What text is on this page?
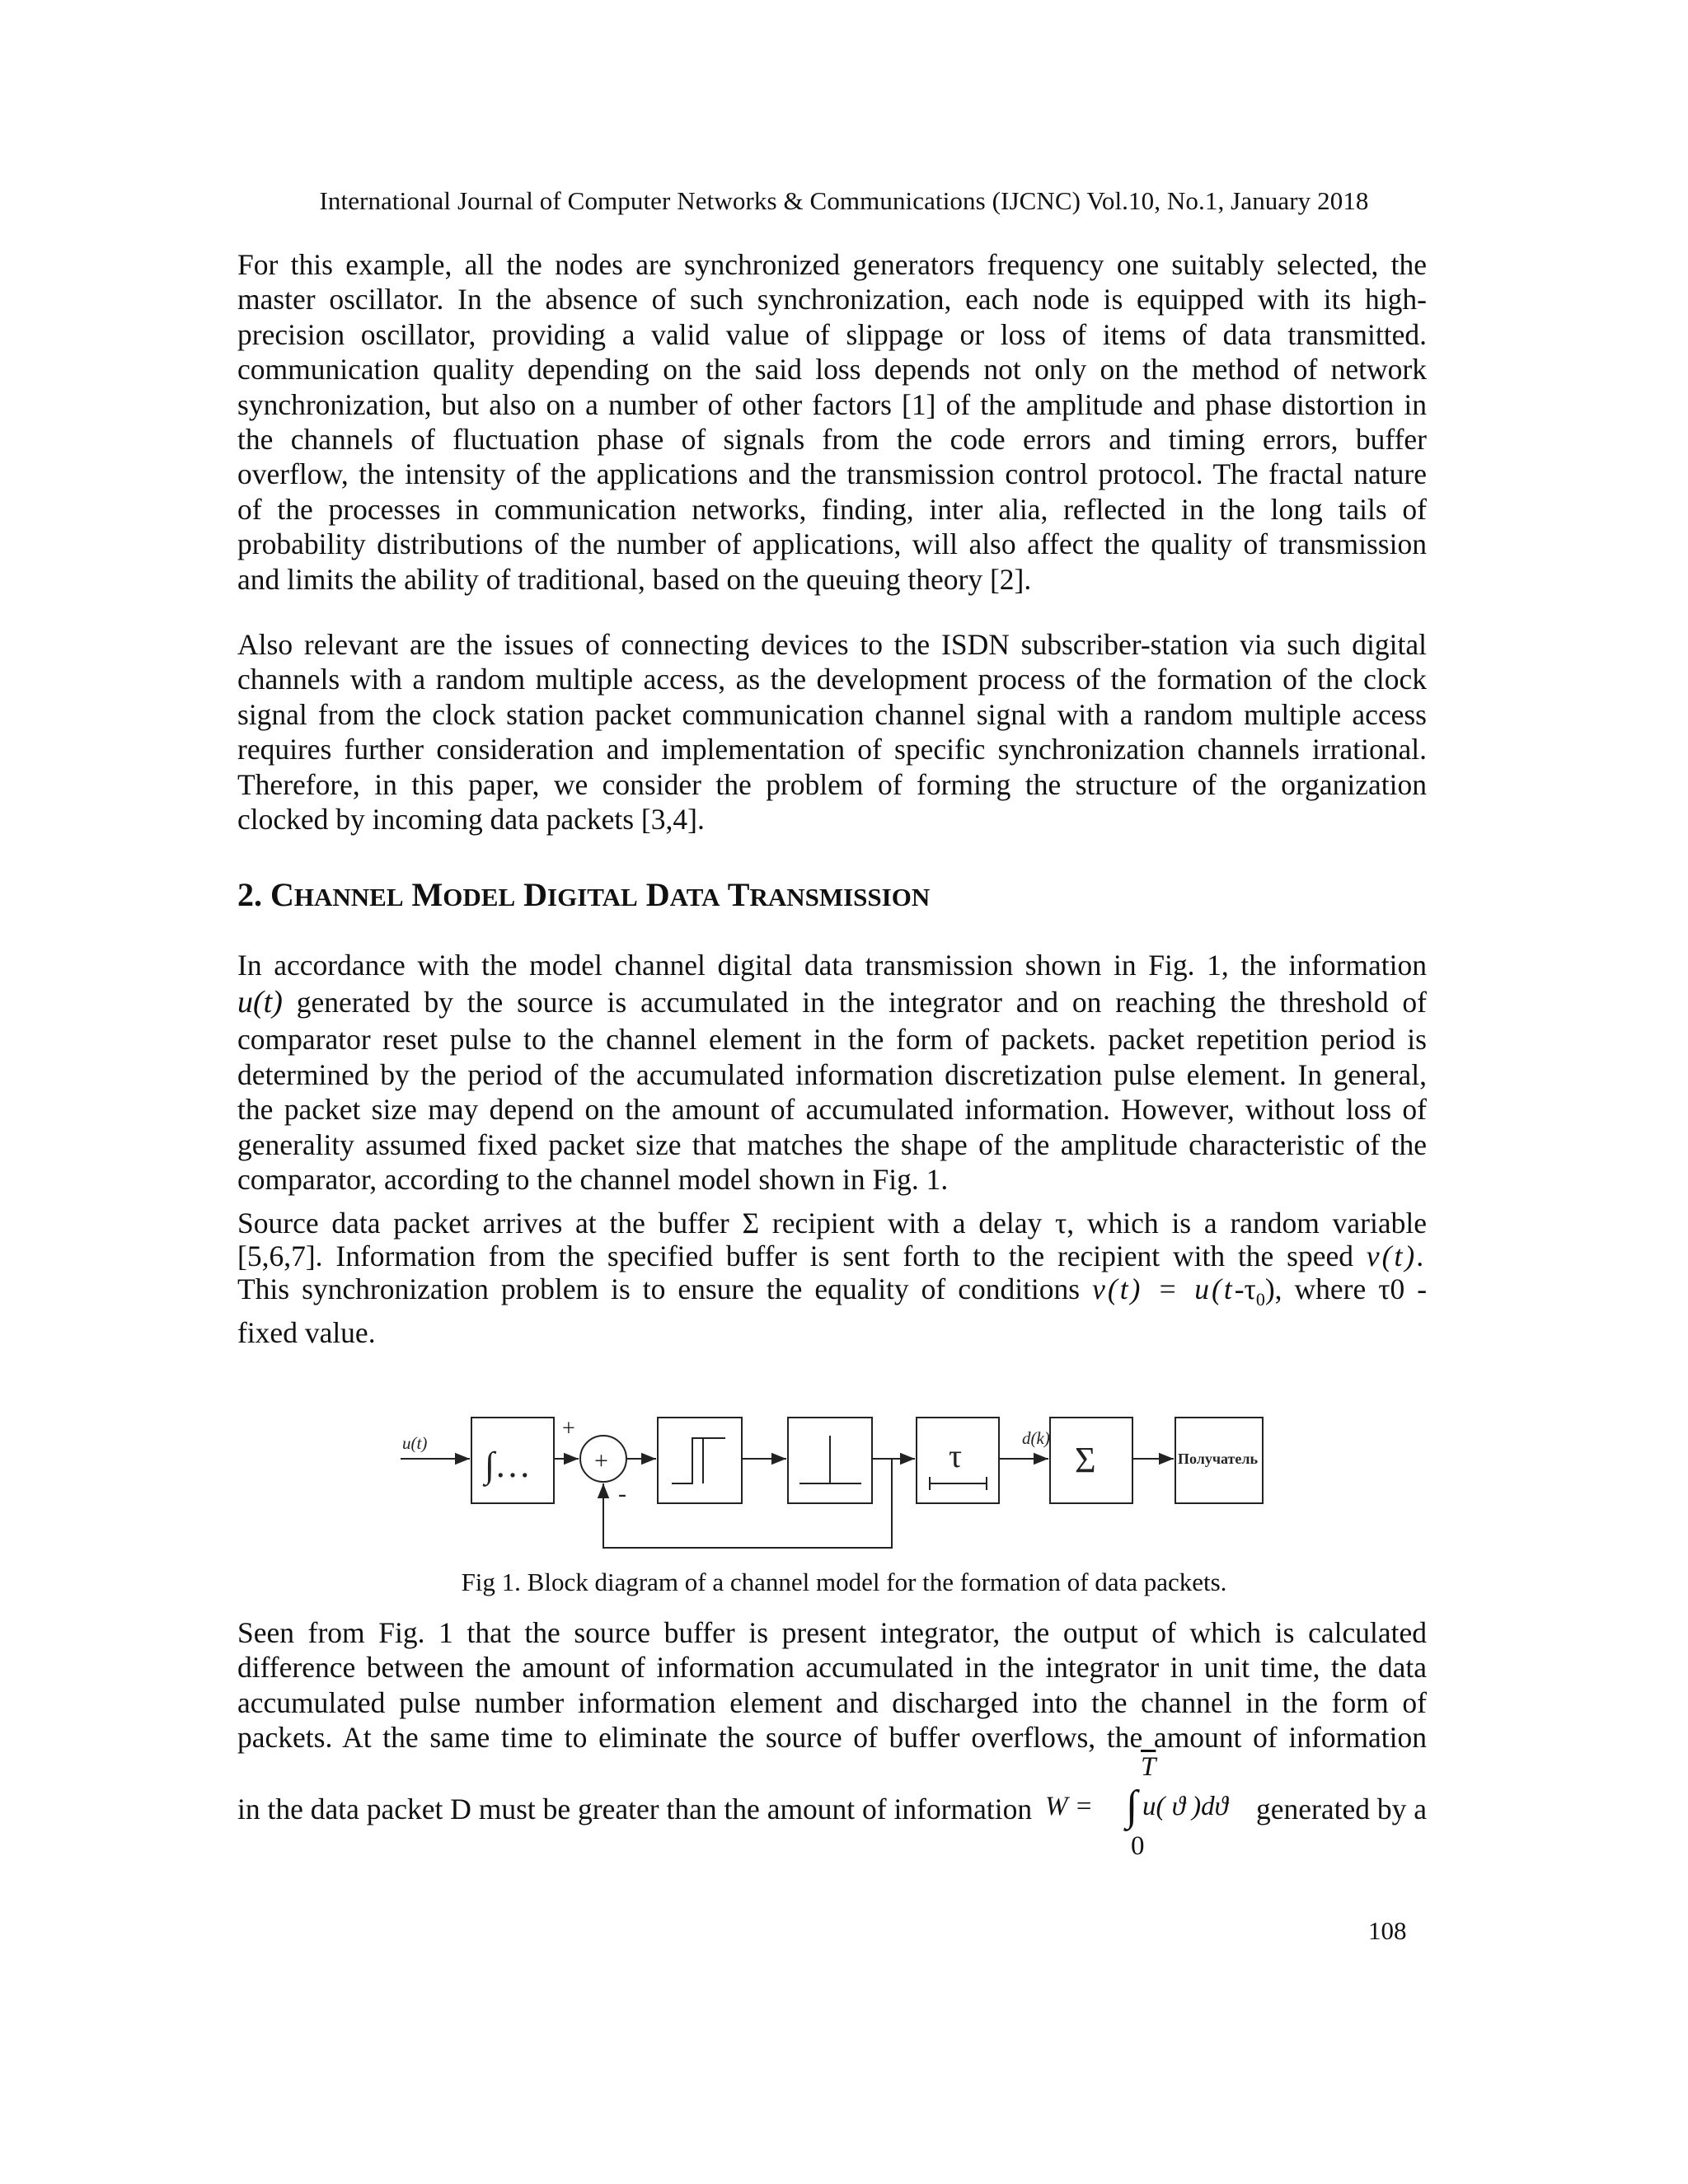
International Journal of Computer Networks & Communications (IJCNC) Vol.10, No.1, January 2018
For this example, all the nodes are synchronized generators frequency one suitably selected, the
master oscillator. In the absence of such synchronization, each node is equipped with its high-
precision oscillator, providing a valid value of slippage or loss of items of data transmitted.
communication quality depending on the said loss depends not only on the method of network
synchronization, but also on a number of other factors [1] of the amplitude and phase distortion in
the channels of fluctuation phase of signals from the code errors and timing errors, buffer
overflow, the intensity of the applications and the transmission control protocol. The fractal nature
of the processes in communication networks, finding, inter alia, reflected in the long tails of
probability distributions of the number of applications, will also affect the quality of transmission
and limits the ability of traditional, based on the queuing theory [2].
Also relevant are the issues of connecting devices to the ISDN subscriber-station via such digital
channels with a random multiple access, as the development process of the formation of the clock
signal from the clock station packet communication channel signal with a random multiple access
requires further consideration and implementation of specific synchronization channels irrational.
Therefore, in this paper, we consider the problem of forming the structure of the organization
clocked by incoming data packets [3,4].
2. CHANNEL MODEL DIGITAL DATA TRANSMISSION
In accordance with the model channel digital data transmission shown in Fig. 1, the information
u(t) generated by the source is accumulated in the integrator and on reaching the threshold of
comparator reset pulse to the channel element in the form of packets. packet repetition period is
determined by the period of the accumulated information discretization pulse element. In general,
the packet size may depend on the amount of accumulated information. However, without loss of
generality assumed fixed packet size that matches the shape of the amplitude characteristic of the
comparator, according to the channel model shown in Fig. 1.
Source data packet arrives at the buffer Σ recipient with a delay τ, which is a random variable
[5,6,7]. Information from the specified buffer is sent forth to the recipient with the speed v(t).
This synchronization problem is to ensure the equality of conditions $v(t) = u(t-\tau_0)$, where τ0 -
fixed value.
u(t)
∫…	+
+
-
τ	d(k)
Σ	Получатель
Fig 1. Block diagram of a channel model for the formation of data packets.
Seen from Fig. 1 that the source buffer is present integrator, the output of which is calculated
difference between the amount of information accumulated in the integrator in unit time, the data
accumulated pulse number information element and discharged into the channel in the form of
packets. At the same time to eliminate the source of buffer overflows, the amount of information
in the data packet D must be greater than the amount of information	generated by a
$\overline{T}$
W = ∫ u( ϑ )dϑ
0
108
